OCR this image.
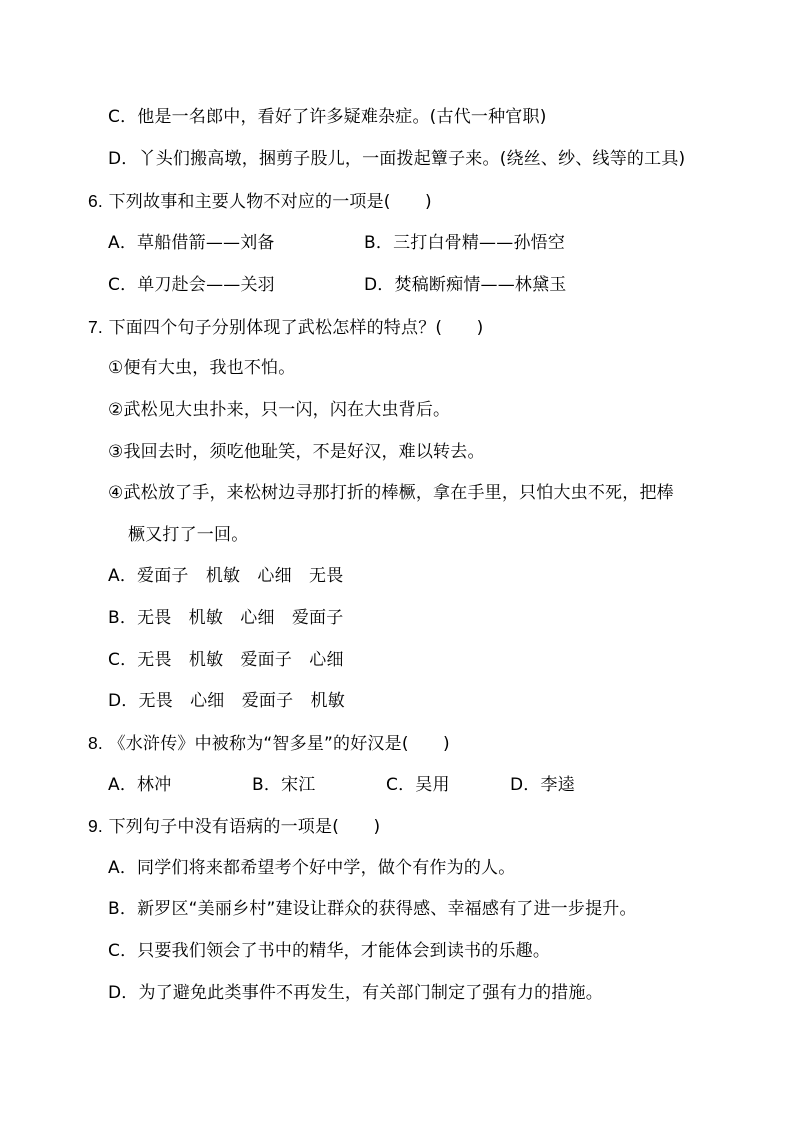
C．他是一名郎中，看好了许多疑难杂症。(古代一种官职)
D．丫头们搬高墩，捆剪子股儿，一面拨起簟子来。(绕丝、纱、线等的工具)
6. 下列故事和主要人物不对应的一项是(　　)
A．草船借箭——刘备	B．三打白骨精——孙悟空
C．单刀赴会——关羽	D．焚稿断痴情——林黛玉
7. 下面四个句子分别体现了武松怎样的特点？(　　)
①便有大虫，我也不怕。
②武松见大虫扑来，只一闪，闪在大虫背后。
③我回去时，须吃他耻笑，不是好汉，难以转去。
④武松放了手，来松树边寻那打折的棒橛，拿在手里，只怕大虫不死，把棒
橛又打了一回。
A．爱面子　机敏　心细　无畏
B．无畏　机敏　心细　爱面子
C．无畏　机敏　爱面子　心细
D．无畏　心细　爱面子　机敏
8. 《水浒传》中被称为“智多星”的好汉是(　　)
A．林冲	B．宋江	C．吴用	D．李逵
9. 下列句子中没有语病的一项是(　　)
A．同学们将来都希望考个好中学，做个有作为的人。
B．新罗区“美丽乡村”建设让群众的获得感、幸福感有了进一步提升。
C．只要我们领会了书中的精华，才能体会到读书的乐趣。
D．为了避免此类事件不再发生，有关部门制定了强有力的措施。
